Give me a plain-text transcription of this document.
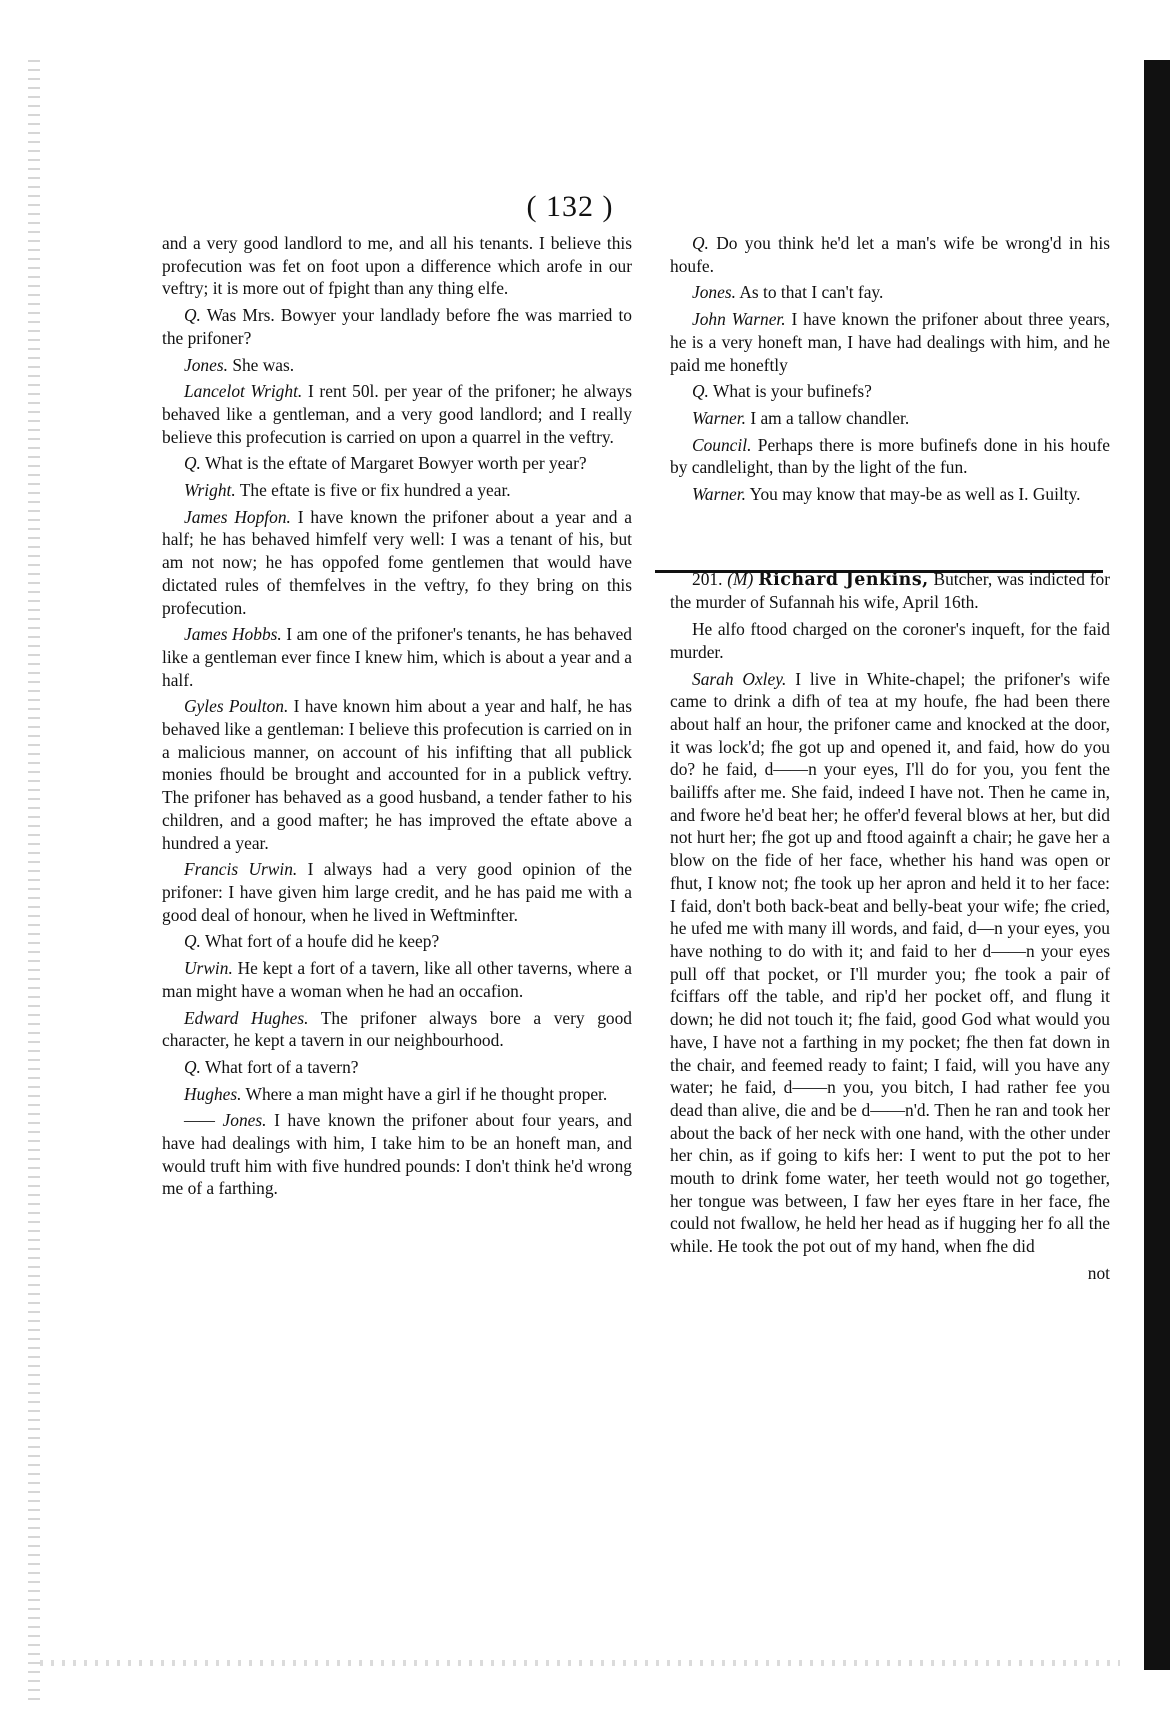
( 132 )

and a very good landlord to me, and all his tenants. I believe this profecution was fet on foot upon a difference which arofe in our veftry; it is more out of fpight than any thing elfe.

Q. Was Mrs. Bowyer your landlady before fhe was married to the prifoner?

Jones. She was.

Lancelot Wright. I rent 50l. per year of the prifoner; he always behaved like a gentleman, and a very good landlord; and I really believe this profecution is carried on upon a quarrel in the veftry.

Q. What is the eftate of Margaret Bowyer worth per year?

Wright. The eftate is five or fix hundred a year.

James Hopfon. I have known the prifoner about a year and a half; he has behaved himfelf very well: I was a tenant of his, but am not now; he has oppofed fome gentlemen that would have dictated rules of themfelves in the veftry, fo they bring on this profecution.

James Hobbs. I am one of the prifoner's tenants, he has behaved like a gentleman ever fince I knew him, which is about a year and a half.

Gyles Poulton. I have known him about a year and half, he has behaved like a gentleman: I believe this profecution is carried on in a malicious manner, on account of his infifting that all publick monies fhould be brought and accounted for in a publick veftry. The prifoner has behaved as a good husband, a tender father to his children, and a good mafter; he has improved the eftate above a hundred a year.

Francis Urwin. I always had a very good opinion of the prifoner: I have given him large credit, and he has paid me with a good deal of honour, when he lived in Weftminfter.

Q. What fort of a houfe did he keep?

Urwin. He kept a fort of a tavern, like all other taverns, where a man might have a woman when he had an occafion.

Edward Hughes. The prifoner always bore a very good character, he kept a tavern in our neighbourhood.

Q. What fort of a tavern?

Hughes. Where a man might have a girl if he thought proper.

—— Jones. I have known the prifoner about four years, and have had dealings with him, I take him to be an honeft man, and would truft him with five hundred pounds: I don't think he'd wrong me of a farthing.

Q. Do you think he'd let a man's wife be wrong'd in his houfe.

Jones. As to that I can't fay.

John Warner. I have known the prifoner about three years, he is a very honeft man, I have had dealings with him, and he paid me honeftly

Q. What is your bufinefs?

Warner. I am a tallow chandler.

Council. Perhaps there is more bufinefs done in his houfe by candlelight, than by the light of the fun.

Warner. You may know that may-be as well as I. Guilty.

201. (M) Richard Jenkins, Butcher, was indicted for the murder of Sufannah his wife, April 16th.

He alfo ftood charged on the coroner's inqueft, for the faid murder.

Sarah Oxley. I live in White-chapel; the prifoner's wife came to drink a difh of tea at my houfe, fhe had been there about half an hour, the prifoner came and knocked at the door, it was lock'd; fhe got up and opened it, and faid, how do you do? he faid, d——n your eyes, I'll do for you, you fent the bailiffs after me. She faid, indeed I have not. Then he came in, and fwore he'd beat her; he offer'd feveral blows at her, but did not hurt her; fhe got up and ftood againft a chair; he gave her a blow on the fide of her face, whether his hand was open or fhut, I know not; fhe took up her apron and held it to her face: I faid, don't both back-beat and belly-beat your wife; fhe cried, he ufed me with many ill words, and faid, d—n your eyes, you have nothing to do with it; and faid to her d——n your eyes pull off that pocket, or I'll murder you; fhe took a pair of fciffars off the table, and rip'd her pocket off, and flung it down; he did not touch it; fhe faid, good God what would you have, I have not a farthing in my pocket; fhe then fat down in the chair, and feemed ready to faint; I faid, will you have any water; he faid, d——n you, you bitch, I had rather fee you dead than alive, die and be d——n'd. Then he ran and took her about the back of her neck with one hand, with the other under her chin, as if going to kifs her: I went to put the pot to her mouth to drink fome water, her teeth would not go together, her tongue was between, I faw her eyes ftare in her face, fhe could not fwallow, he held her head as if hugging her fo all the while. He took the pot out of my hand, when fhe did

not
